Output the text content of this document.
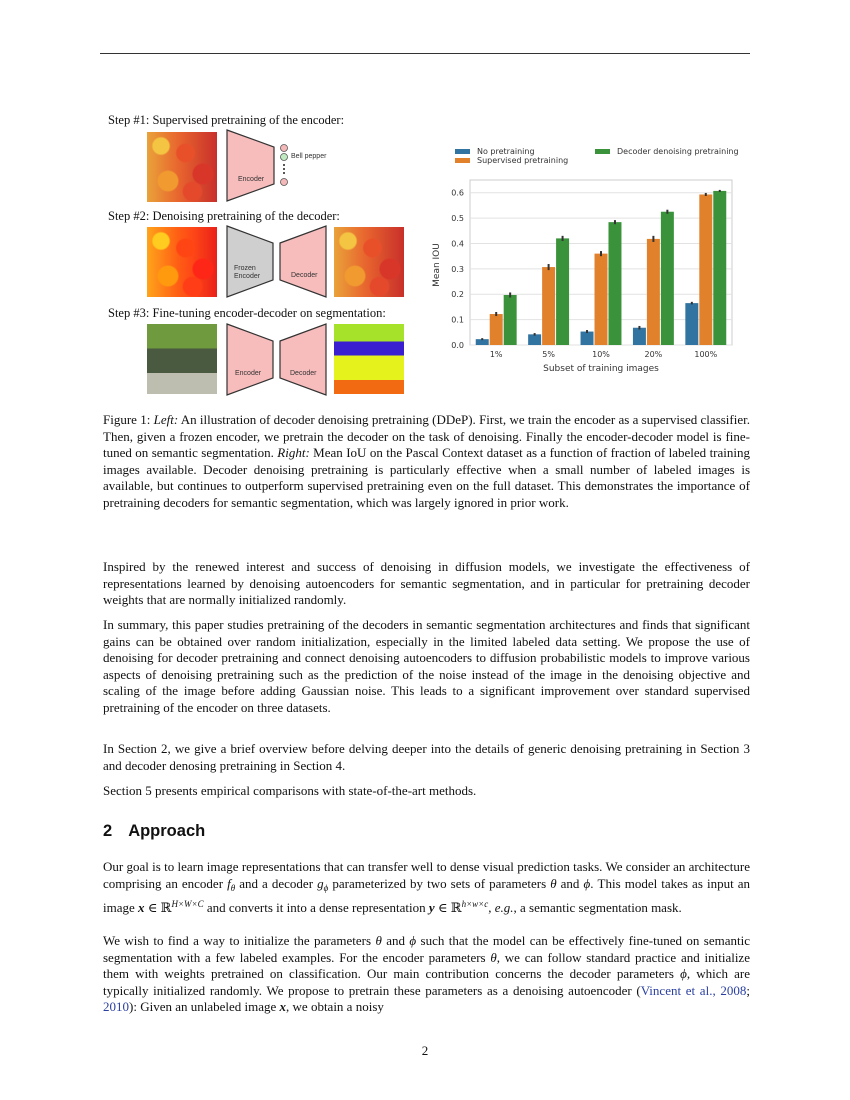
Step #1: Supervised pretraining of the encoder:
Encoder
Bell pepper
Step #2: Denoising pretraining of the decoder:
Frozen
Encoder	Decoder
Step #3: Fine-tuning encoder-decoder on segmentation:
Encoder	Decoder
No pretraining
Supervised pretraining
Decoder denoising pretraining
0.0
0.1
0.2
0.3
0.4
0.5
0.6
1%	5%	10%	20%	100%
Mean IOU
Subset of training images
Figure 1: Left: An illustration of decoder denoising pretraining (DDeP). First, we train the encoder as a supervised classifier. Then, given a frozen encoder, we pretrain the decoder on the task of denoising. Finally the encoder-decoder model is fine-tuned on semantic segmentation. Right: Mean IoU on the Pascal Context dataset as a function of fraction of labeled training images available. Decoder denoising pretraining is particularly effective when a small number of labeled images is available, but continues to outperform supervised pretraining even on the full dataset. This demonstrates the importance of pretraining decoders for semantic segmentation, which was largely ignored in prior work.
Inspired by the renewed interest and success of denoising in diffusion models, we investigate the effectiveness of representations learned by denoising autoencoders for semantic segmentation, and in particular for pretraining decoder weights that are normally initialized randomly.
In summary, this paper studies pretraining of the decoders in semantic segmentation architectures and finds that significant gains can be obtained over random initialization, especially in the limited labeled data setting. We propose the use of denoising for decoder pretraining and connect denoising autoencoders to diffusion probabilistic models to improve various aspects of denoising pretraining such as the prediction of the noise instead of the image in the denoising objective and scaling of the image before adding Gaussian noise. This leads to a significant improvement over standard supervised pretraining of the encoder on three datasets.
In Section 2, we give a brief overview before delving deeper into the details of generic denoising pretraining in Section 3 and decoder denosing pretraining in Section 4.
Section 5 presents empirical comparisons with state-of-the-art methods.
2 Approach
Our goal is to learn image representations that can transfer well to dense visual prediction tasks. We consider an architecture comprising an encoder $f_\theta$ and a decoder $g_\phi$ parameterized by two sets of parameters θ and ϕ. This model takes as input an image x ∈ ℝ$^{H\times W\times C}$ and converts it into a dense representation y ∈ ℝ$^{h\times w\times c}$, e.g., a semantic segmentation mask.
We wish to find a way to initialize the parameters θ and ϕ such that the model can be effectively fine-tuned on semantic segmentation with a few labeled examples. For the encoder parameters θ, we can follow standard practice and initialize them with weights pretrained on classification. Our main contribution concerns the decoder parameters ϕ, which are typically initialized randomly. We propose to pretrain these parameters as a denoising autoencoder (Vincent et al., 2008; 2010): Given an unlabeled image x, we obtain a noisy
2
